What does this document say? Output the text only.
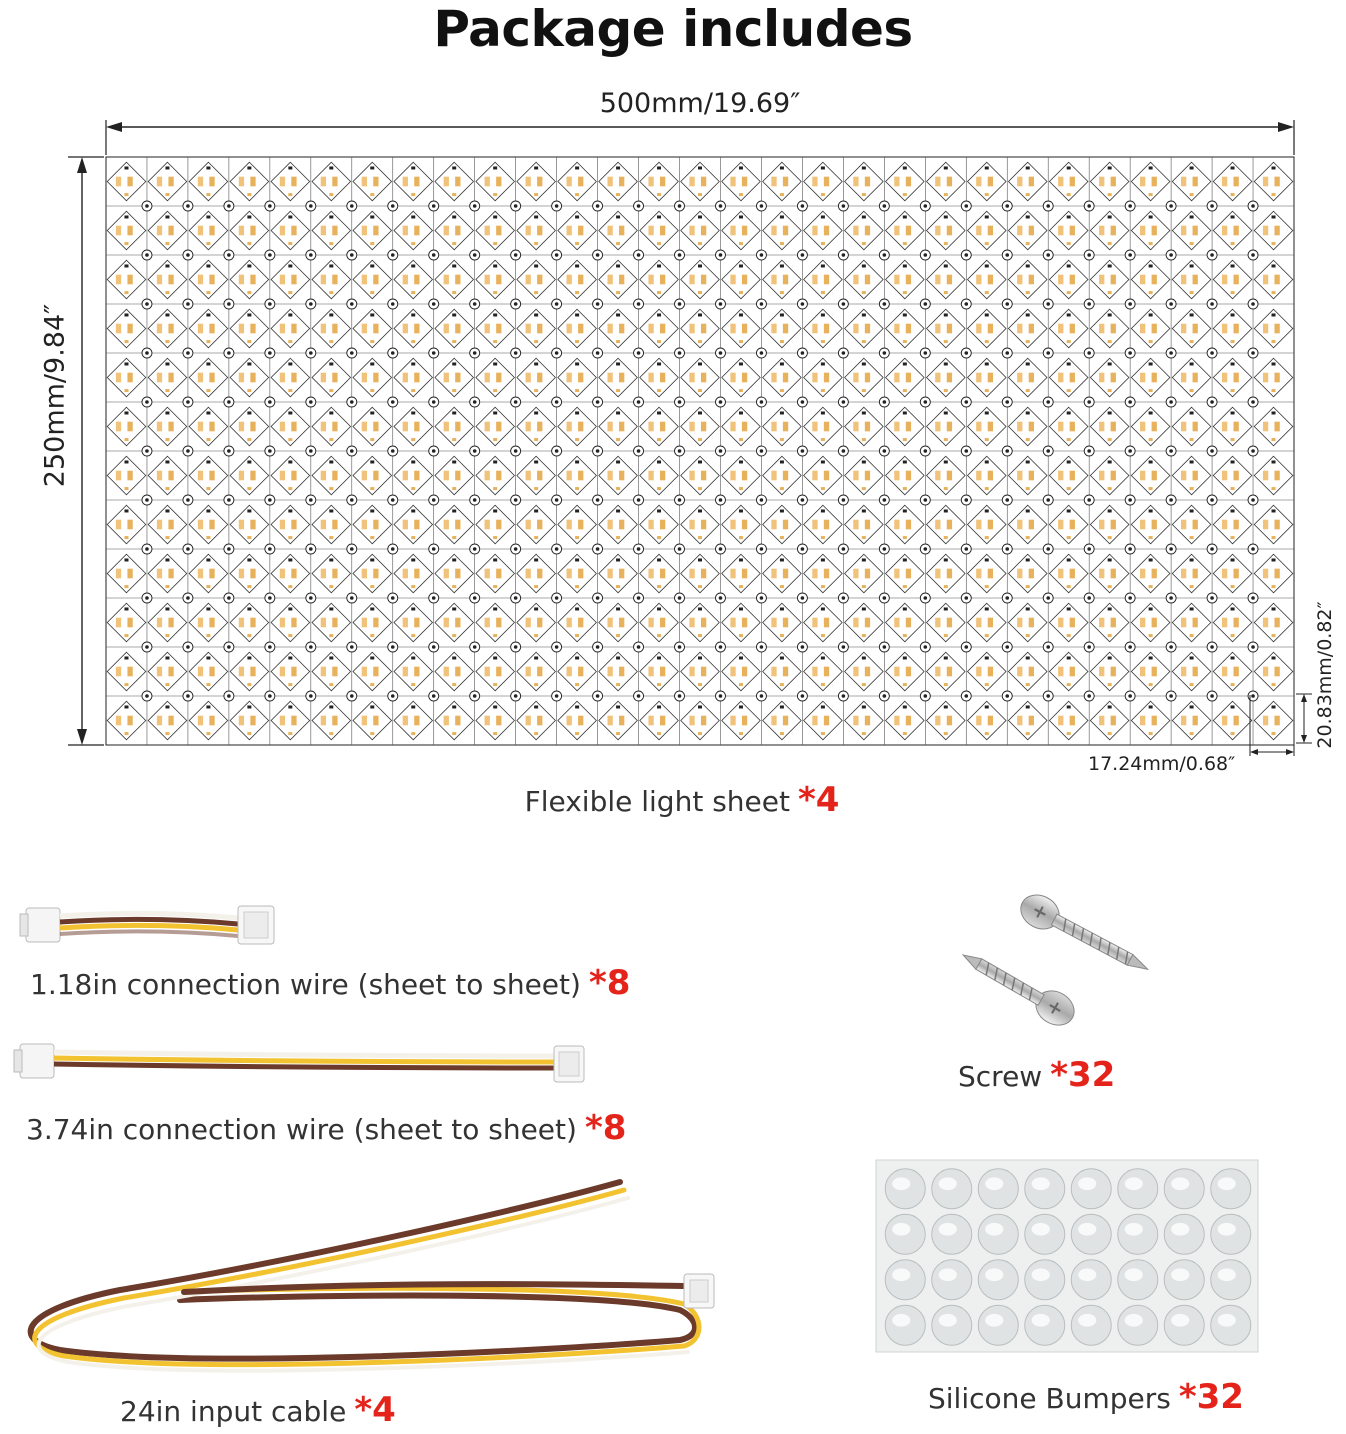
Package includes
500mm/19.69″
250mm/9.84″
20.83mm/0.82″
17.24mm/0.68″
Flexible light sheet *4
1.18in connection wire (sheet to sheet) *8
3.74in connection wire (sheet to sheet) *8
24in input cable *4
Screw *32
Silicone Bumpers *32
